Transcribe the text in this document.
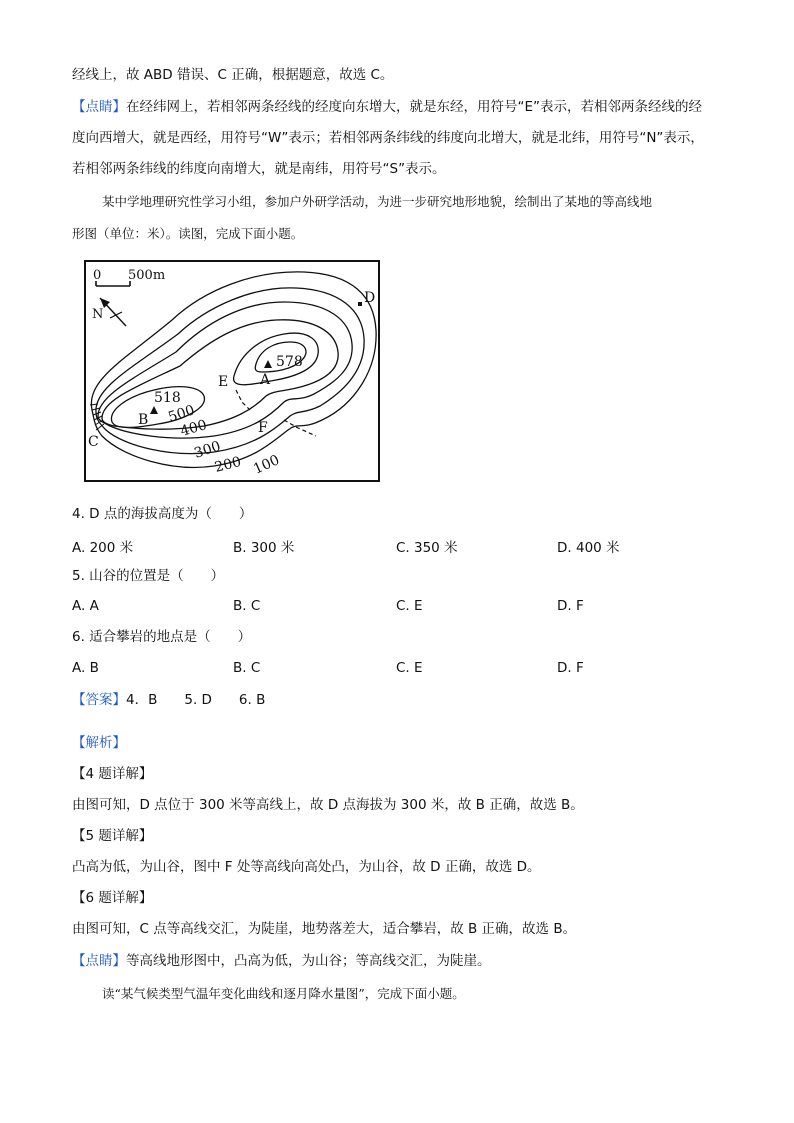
经线上，故 ABD 错误、C 正确，根据题意，故选 C。
【点睛】在经纬网上，若相邻两条经线的经度向东增大，就是东经，用符号“E”表示，若相邻两条经线的经
度向西增大，就是西经，用符号“W”表示；若相邻两条纬线的纬度向北增大，就是北纬，用符号“N”表示，
若相邻两条纬线的纬度向南增大，就是南纬，用符号“S”表示。
某中学地理研究性学习小组，参加户外研学活动，为进一步研究地形地貌，绘制出了某地的等高线地
形图（单位：米）。读图，完成下面小题。
0 500m
N
578
A
518
B
C
D
E
F
500
400
300
200 100
4. D 点的海拔高度为（　　）
A. 200 米	B. 300 米	C. 350 米	D. 400 米
5. 山谷的位置是（　　）
A. A	B. C	C. E	D. F
6. 适合攀岩的地点是（　　）
A. B	B. C	C. E	D. F
【答案】4．B　　5. D　　6. B
【解析】
【4 题详解】
由图可知，D 点位于 300 米等高线上，故 D 点海拔为 300 米，故 B 正确，故选 B。
【5 题详解】
凸高为低，为山谷，图中 F 处等高线向高处凸，为山谷，故 D 正确，故选 D。
【6 题详解】
由图可知，C 点等高线交汇，为陡崖，地势落差大，适合攀岩，故 B 正确，故选 B。
【点睛】等高线地形图中，凸高为低，为山谷；等高线交汇，为陡崖。
读“某气候类型气温年变化曲线和逐月降水量图”，完成下面小题。
